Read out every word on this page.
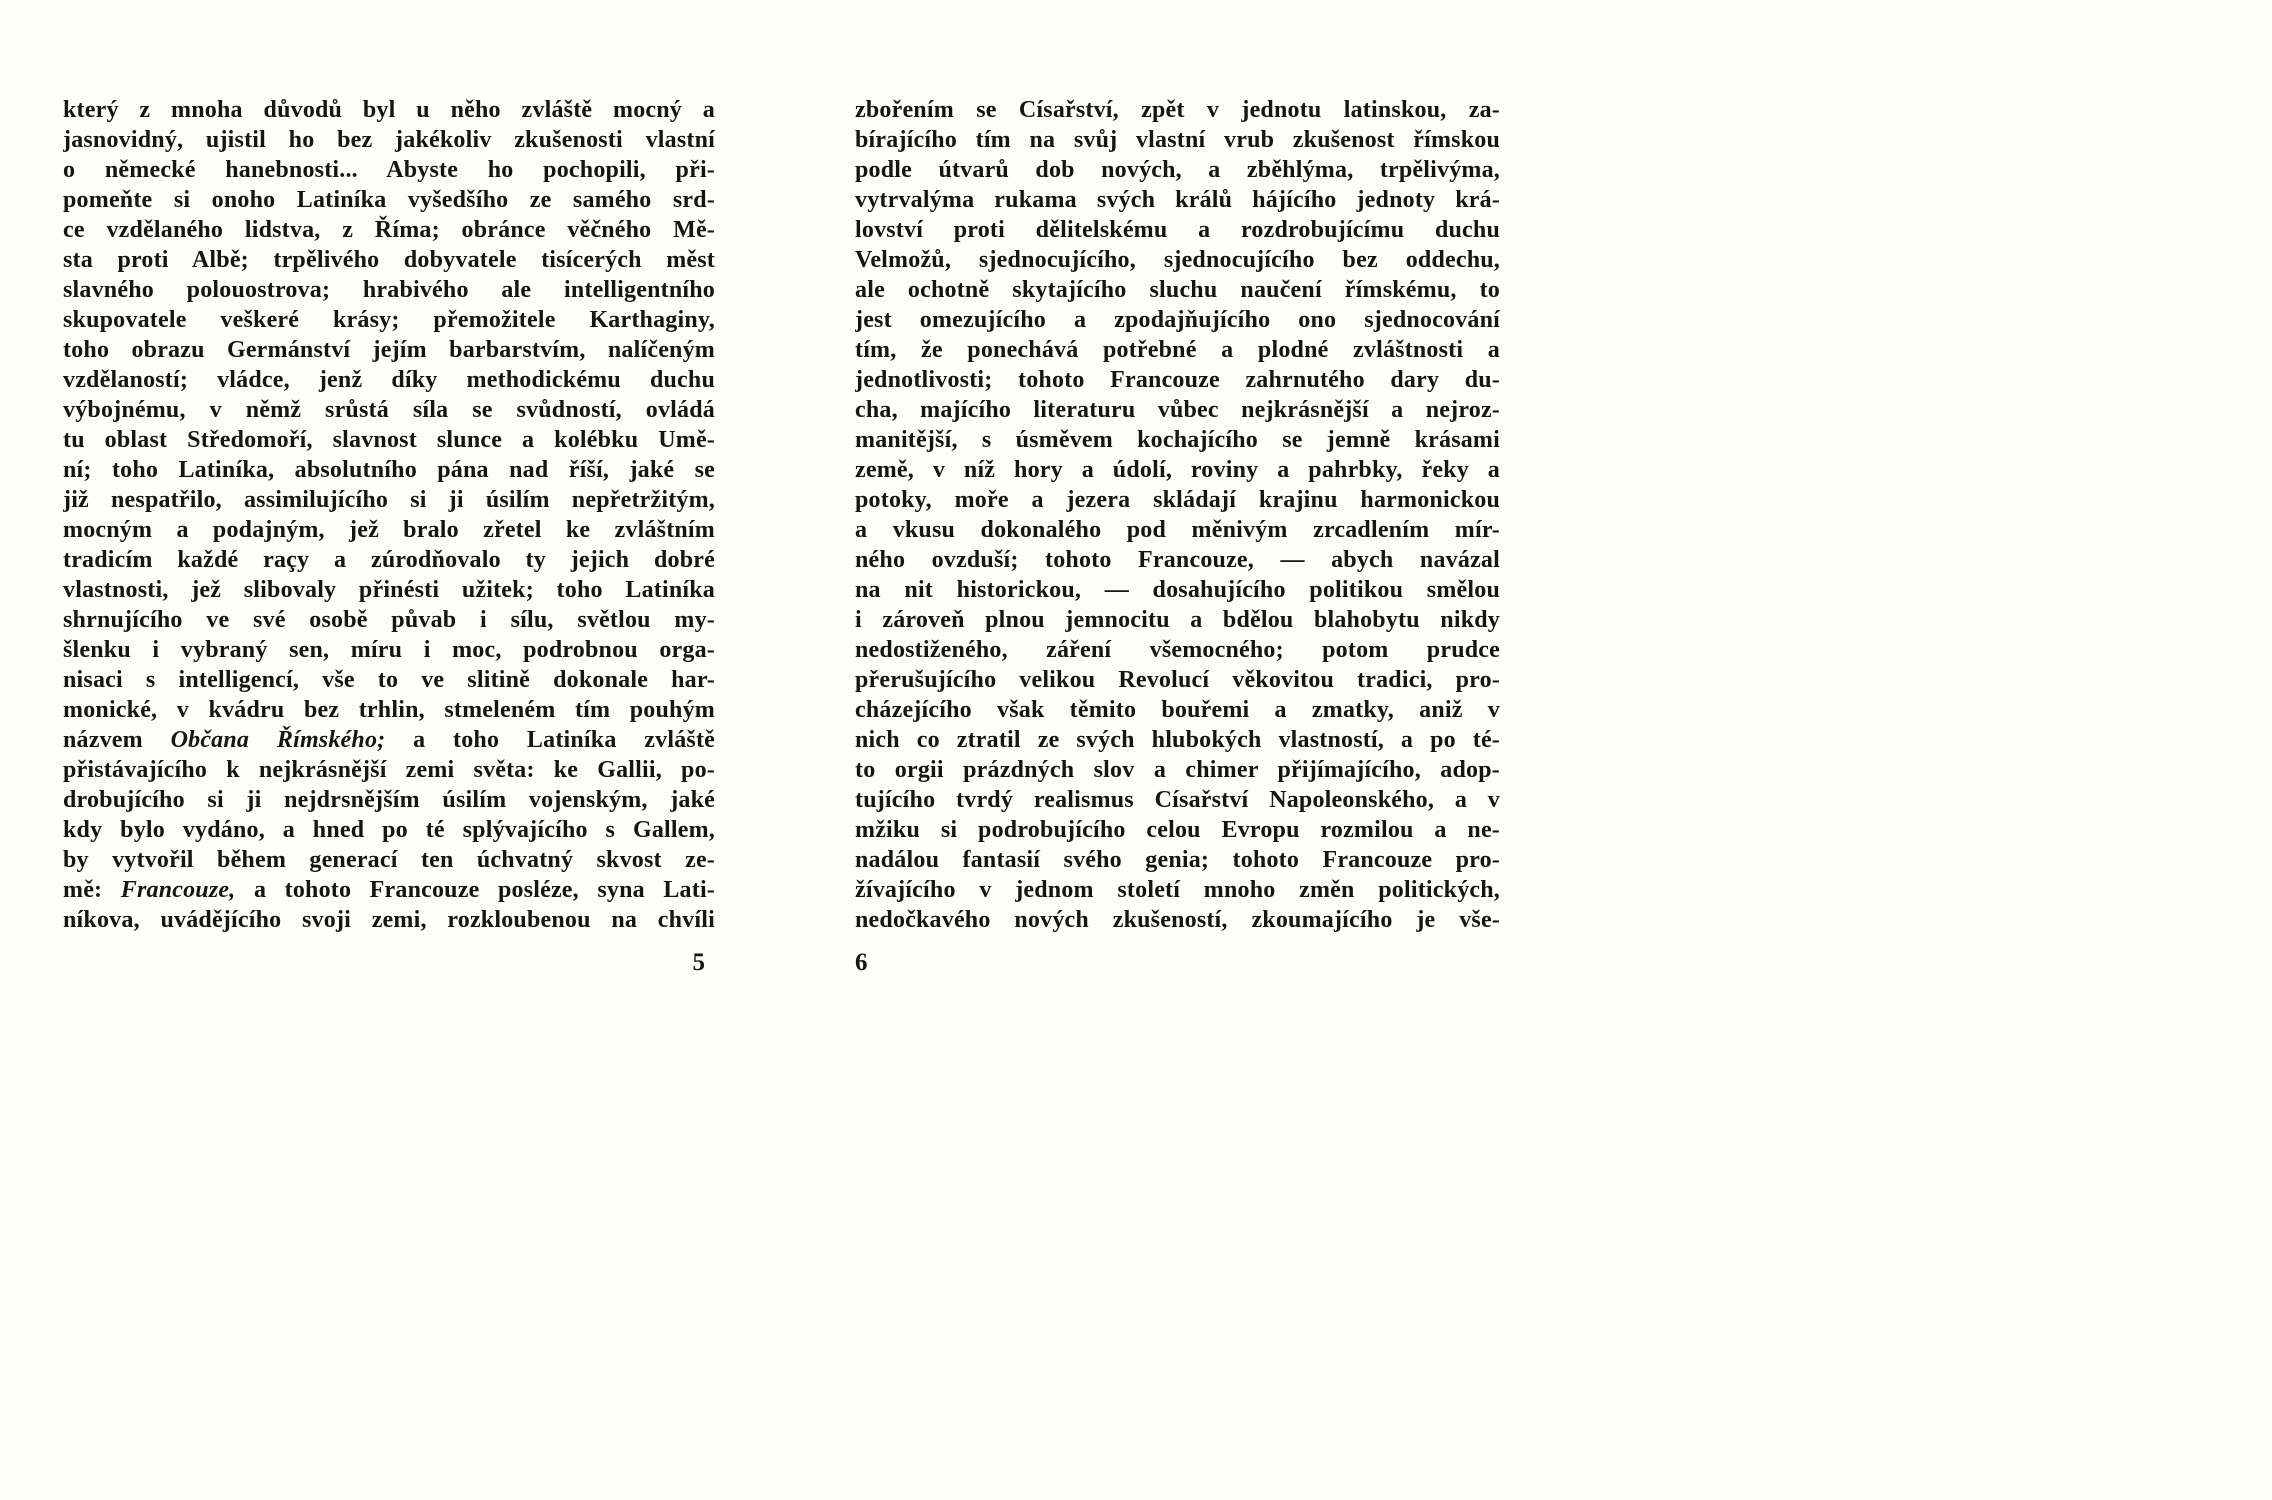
který z mnoha důvodů byl u něho zvláště mocný a
jasnovidný, ujistil ho bez jakékoliv zkušenosti vlastní
o německé hanebnosti... Abyste ho pochopili, při-
pomeňte si onoho Latiníka vyšedšího ze samého srd-
ce vzdělaného lidstva, z Říma; obránce věčného Mě-
sta proti Albě; trpělivého dobyvatele tisícerých měst
slavného polouostrova; hrabivého ale intelligentního
skupovatele veškeré krásy; přemožitele Karthaginy,
toho obrazu Germánství jejím barbarstvím, nalíčeným
vzdělaností; vládce, jenž díky methodickému duchu
výbojnému, v němž srůstá síla se svůdností, ovládá
tu oblast Středomoří, slavnost slunce a kolébku Umě-
ní; toho Latiníka, absolutního pána nad říší, jaké se
již nespatřilo, assimilujícího si ji úsilím nepřetržitým,
mocným a podajným, jež bralo zřetel ke zvláštním
tradicím každé raçy a zúrodňovalo ty jejich dobré
vlastnosti, jež slibovaly přinésti užitek; toho Latiníka
shrnujícího ve své osobě půvab i sílu, světlou my-
šlenku i vybraný sen, míru i moc, podrobnou orga-
nisaci s intelligencí, vše to ve slitině dokonale har-
monické, v kvádru bez trhlin, stmeleném tím pouhým
názvem Občana Římského; a toho Latiníka zvláště
přistávajícího k nejkrásnější zemi světa: ke Gallii, po-
drobujícího si ji nejdrsnějším úsilím vojenským, jaké
kdy bylo vydáno, a hned po té splývajícího s Gallem,
by vytvořil během generací ten úchvatný skvost ze-
mě: Francouze, a tohoto Francouze posléze, syna Lati-
níkova, uvádějícího svoji zemi, rozkloubenou na chvíli
zbořením se Císařství, zpět v jednotu latinskou, za-
bírajícího tím na svůj vlastní vrub zkušenost římskou
podle útvarů dob nových, a zběhlýma, trpělivýma,
vytrvalýma rukama svých králů hájícího jednoty krá-
lovství proti dělitelskému a rozdrobujícímu duchu
Velmožů, sjednocujícího, sjednocujícího bez oddechu,
ale ochotně skytajícího sluchu naučení římskému, to
jest omezujícího a zpodajňujícího ono sjednocování
tím, že ponechává potřebné a plodné zvláštnosti a
jednotlivosti; tohoto Francouze zahrnutého dary du-
cha, majícího literaturu vůbec nejkrásnější a nejroz-
manitější, s úsměvem kochajícího se jemně krásami
země, v níž hory a údolí, roviny a pahrbky, řeky a
potoky, moře a jezera skládají krajinu harmonickou
a vkusu dokonalého pod měnivým zrcadlením mír-
ného ovzduší; tohoto Francouze, — abych navázal
na nit historickou, — dosahujícího politikou smělou
i zároveň plnou jemnocitu a bdělou blahobytu nikdy
nedostiženého, záření všemocného; potom prudce
přerušujícího velikou Revolucí věkovitou tradici, pro-
cházejícího však těmito bouřemi a zmatky, aniž v
nich co ztratil ze svých hlubokých vlastností, a po té-
to orgii prázdných slov a chimer přijímajícího, adop-
tujícího tvrdý realismus Císařství Napoleonského, a v
mžiku si podrobujícího celou Evropu rozmilou a ne-
nadálou fantasií svého genia; tohoto Francouze pro-
žívajícího v jednom století mnoho změn politických,
nedočkavého nových zkušeností, zkoumajícího je vše-
5	6
